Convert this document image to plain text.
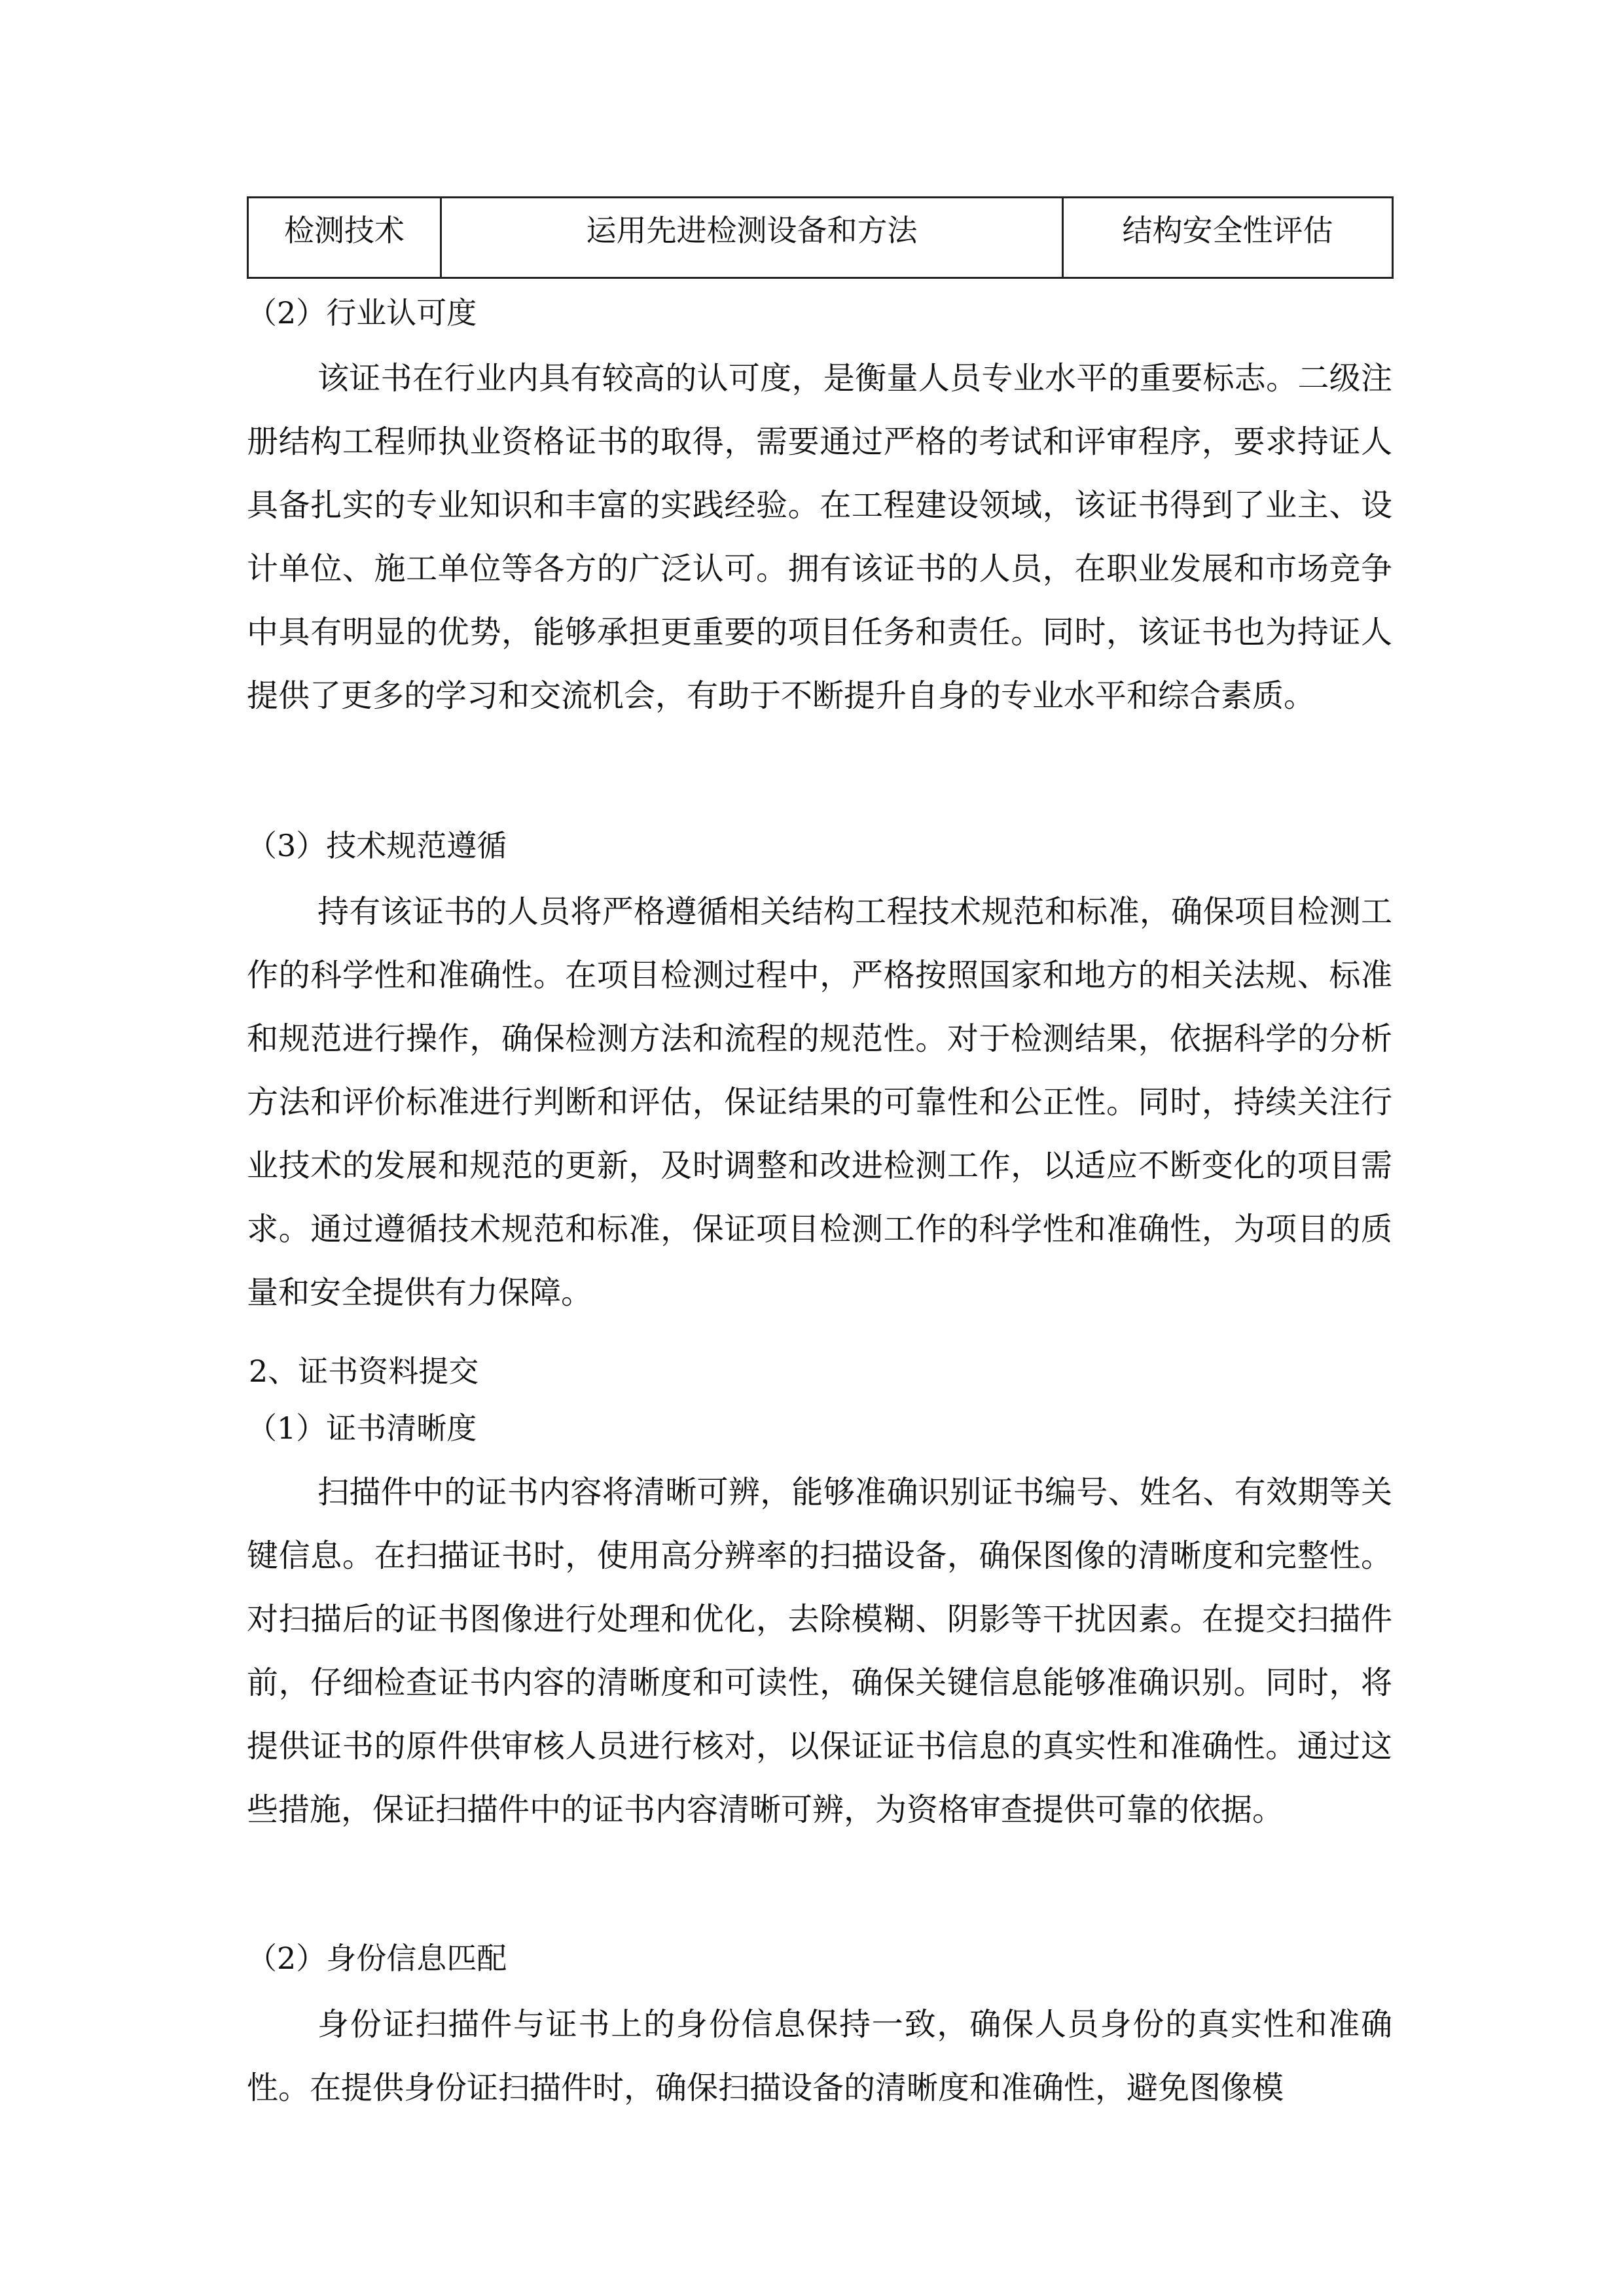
检测技术	运用先进检测设备和方法	结构安全性评估
（2）行业认可度
该证书在行业内具有较高的认可度，是衡量人员专业水平的重要标志。二级注册结构工程师执业资格证书的取得，需要通过严格的考试和评审程序，要求持证人具备扎实的专业知识和丰富的实践经验。在工程建设领域，该证书得到了业主、设计单位、施工单位等各方的广泛认可。拥有该证书的人员，在职业发展和市场竞争中具有明显的优势，能够承担更重要的项目任务和责任。同时，该证书也为持证人提供了更多的学习和交流机会，有助于不断提升自身的专业水平和综合素质。
（3）技术规范遵循
持有该证书的人员将严格遵循相关结构工程技术规范和标准，确保项目检测工作的科学性和准确性。在项目检测过程中，严格按照国家和地方的相关法规、标准和规范进行操作，确保检测方法和流程的规范性。对于检测结果，依据科学的分析方法和评价标准进行判断和评估，保证结果的可靠性和公正性。同时，持续关注行业技术的发展和规范的更新，及时调整和改进检测工作，以适应不断变化的项目需求。通过遵循技术规范和标准，保证项目检测工作的科学性和准确性，为项目的质量和安全提供有力保障。
2、证书资料提交
（1）证书清晰度
扫描件中的证书内容将清晰可辨，能够准确识别证书编号、姓名、有效期等关键信息。在扫描证书时，使用高分辨率的扫描设备，确保图像的清晰度和完整性。对扫描后的证书图像进行处理和优化，去除模糊、阴影等干扰因素。在提交扫描件前，仔细检查证书内容的清晰度和可读性，确保关键信息能够准确识别。同时，将提供证书的原件供审核人员进行核对，以保证证书信息的真实性和准确性。通过这些措施，保证扫描件中的证书内容清晰可辨，为资格审查提供可靠的依据。
（2）身份信息匹配
身份证扫描件与证书上的身份信息保持一致，确保人员身份的真实性和准确性。在提供身份证扫描件时，确保扫描设备的清晰度和准确性，避免图像模
